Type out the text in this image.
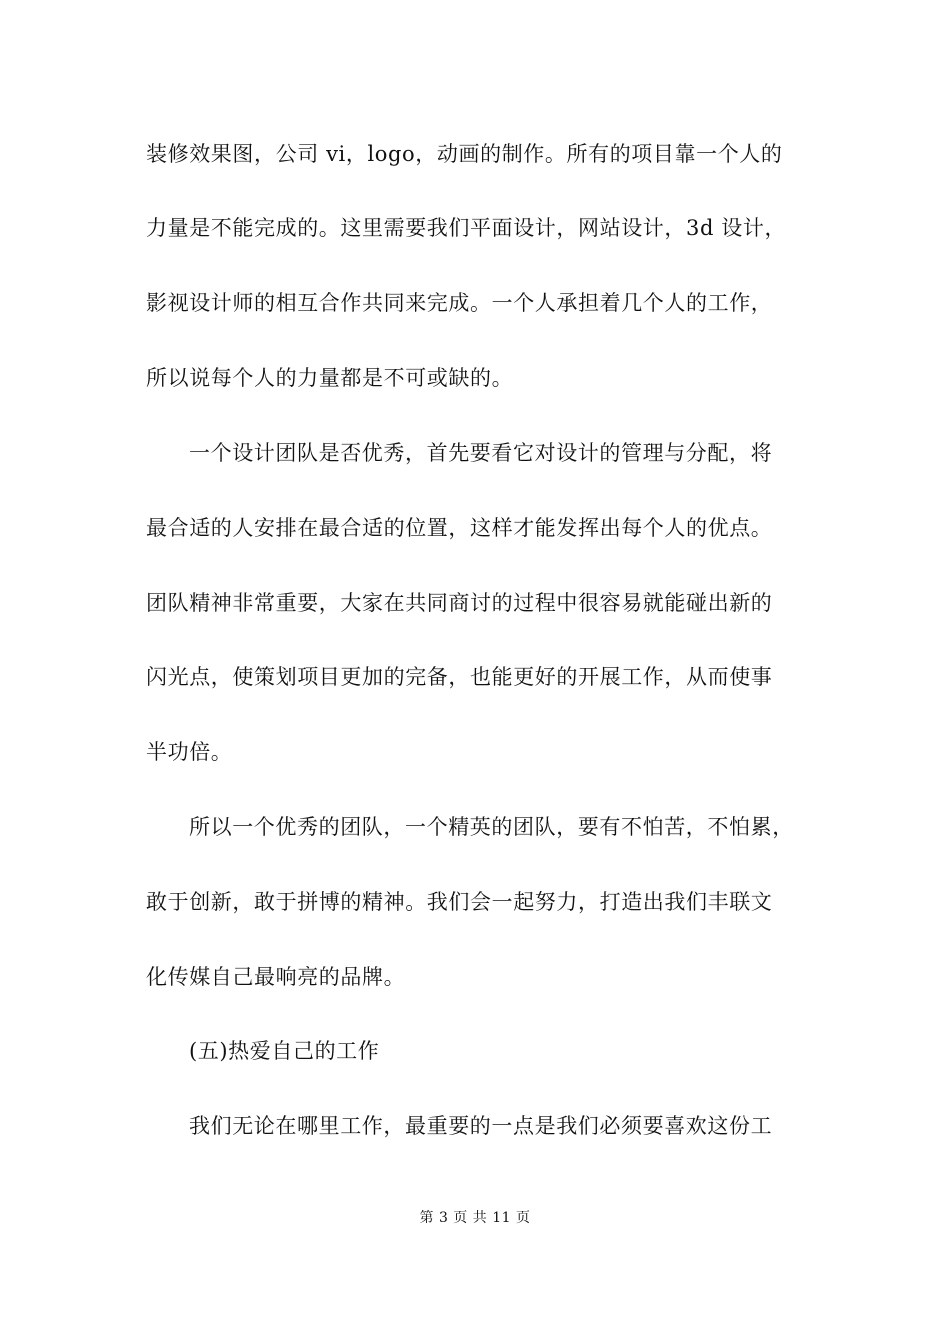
装修效果图，公司 vi，logo，动画的制作。所有的项目靠一个人的
力量是不能完成的。这里需要我们平面设计，网站设计，3d 设计，
影视设计师的相互合作共同来完成。一个人承担着几个人的工作，
所以说每个人的力量都是不可或缺的。
一个设计团队是否优秀，首先要看它对设计的管理与分配，将
最合适的人安排在最合适的位置，这样才能发挥出每个人的优点。
团队精神非常重要，大家在共同商讨的过程中很容易就能碰出新的
闪光点，使策划项目更加的完备，也能更好的开展工作，从而使事
半功倍。
所以一个优秀的团队，一个精英的团队，要有不怕苦，不怕累，
敢于创新，敢于拼博的精神。我们会一起努力，打造出我们丰联文
化传媒自己最响亮的品牌。
(五)热爱自己的工作
我们无论在哪里工作，最重要的一点是我们必须要喜欢这份工
第 3 页 共 11 页
